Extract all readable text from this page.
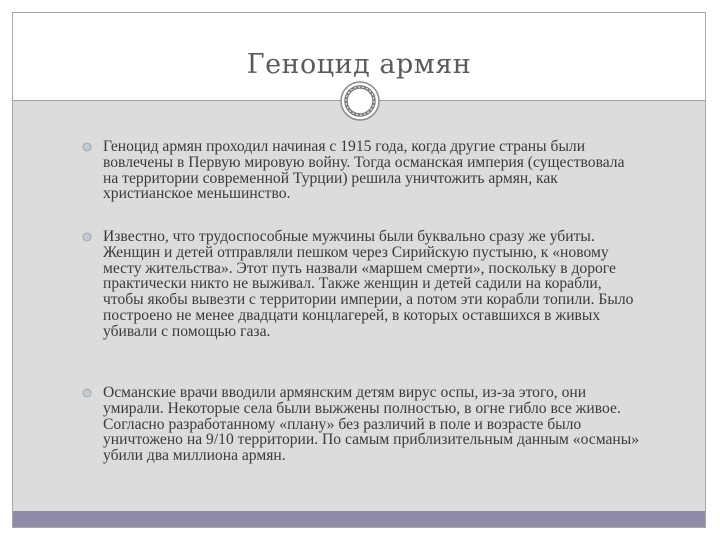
Геноцид армян
Геноцид армян проходил начиная с 1915 года, когда другие страны были вовлечены в Первую мировую войну. Тогда османская империя (существовала на территории современной Турции) решила уничтожить армян, как христианское меньшинство.
Известно, что трудоспособные мужчины были буквально сразу же убиты. Женщин и детей отправляли пешком через Сирийскую пустыню, к «новому месту жительства». Этот путь назвали «маршем смерти», поскольку в дороге практически никто не выживал. Также женщин и детей садили на корабли, чтобы якобы вывезти с территории империи, а потом эти корабли топили. Было построено не менее двадцати концлагерей, в которых оставшихся в живых убивали с помощью газа.
Османские врачи вводили армянским детям вирус оспы, из-за этого, они умирали. Некоторые села были выжжены полностью, в огне гибло все живое. Согласно разработанному «плану» без различий в поле и возрасте было уничтожено на 9/10 территории. По самым приблизительным данным «османы» убили два миллиона армян.
